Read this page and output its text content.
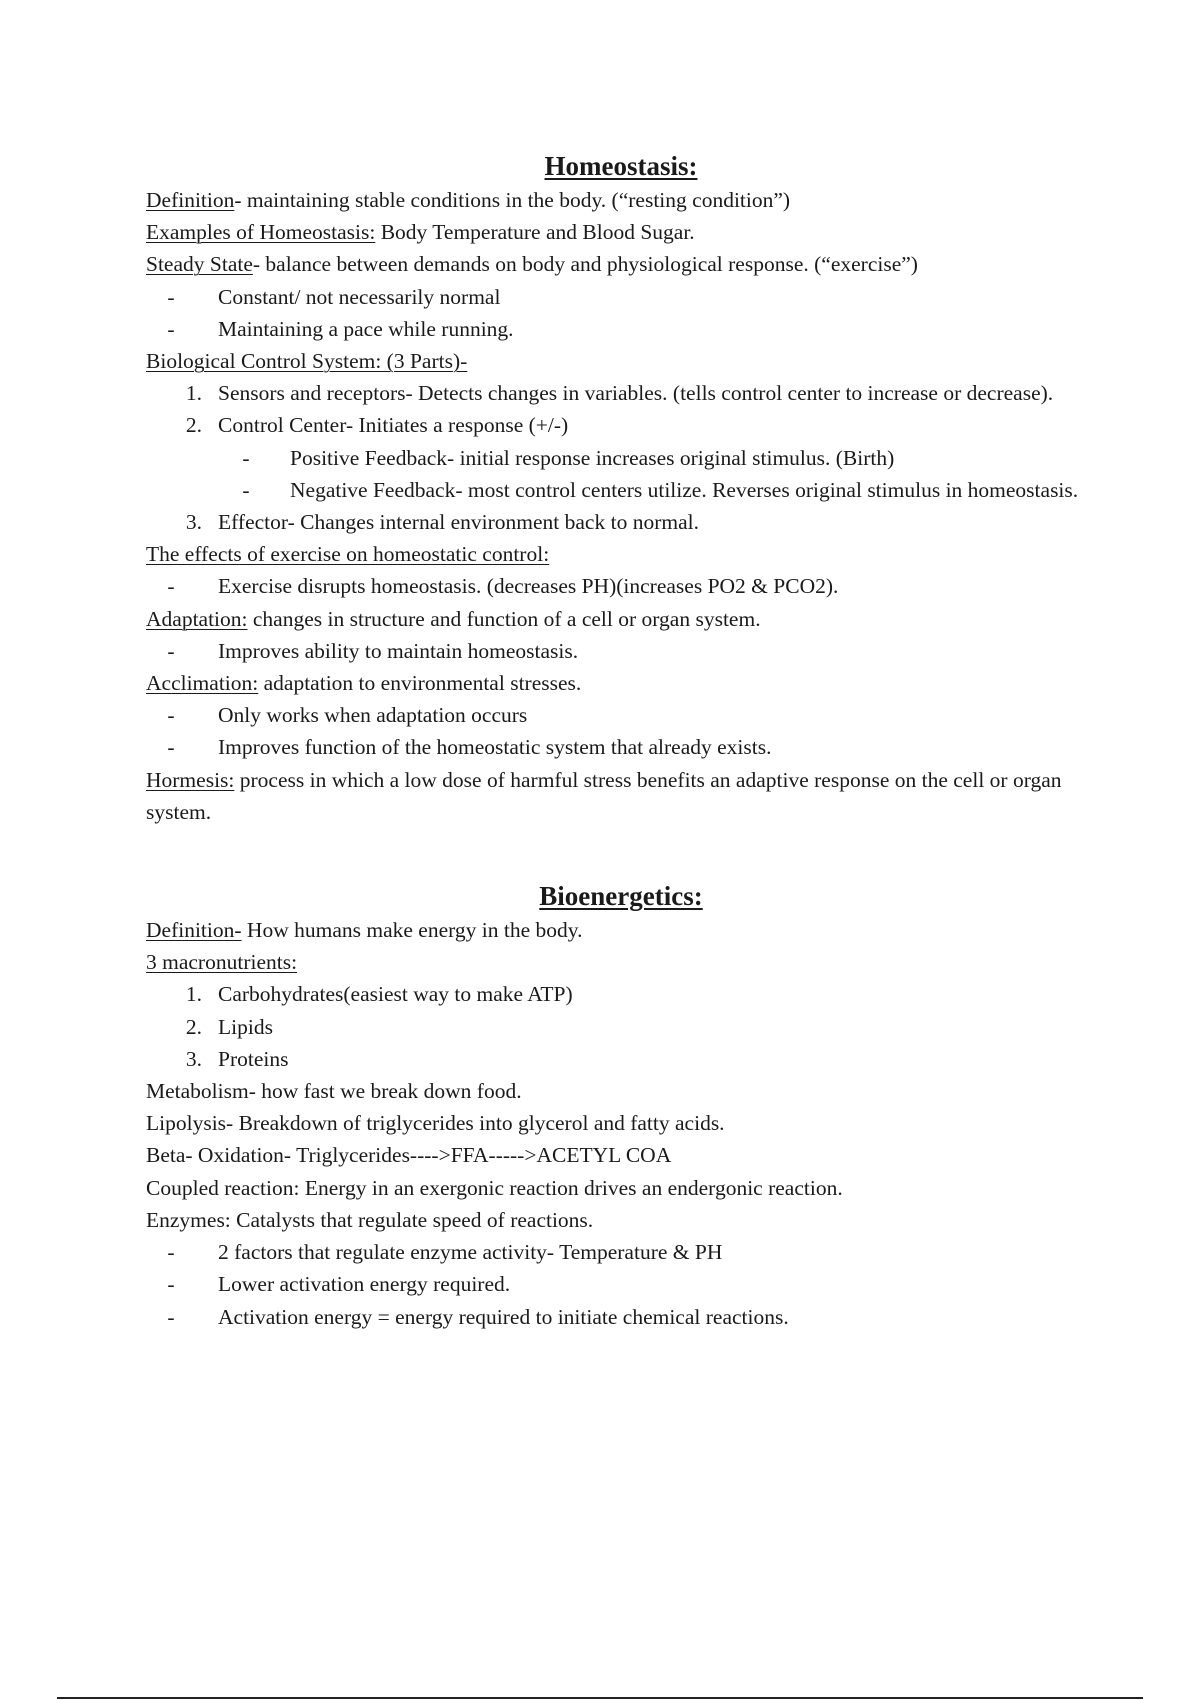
Homeostasis:

Definition- maintaining stable conditions in the body. (“resting condition”)

Examples of Homeostasis: Body Temperature and Blood Sugar.

Steady State- balance between demands on body and physiological response. (“exercise”)

-	Constant/ not necessarily normal

-	Maintaining a pace while running.

Biological Control System: (3 Parts)-

1. Sensors and receptors- Detects changes in variables. (tells control center to increase or decrease).

2. Control Center- Initiates a response (+/-)

-	Positive Feedback- initial response increases original stimulus. (Birth)

-	Negative Feedback- most control centers utilize. Reverses original stimulus in homeostasis.

3. Effector- Changes internal environment back to normal.

The effects of exercise on homeostatic control:

-	Exercise disrupts homeostasis. (decreases PH)(increases PO2 & PCO2).

Adaptation: changes in structure and function of a cell or organ system.

-	Improves ability to maintain homeostasis.

Acclimation: adaptation to environmental stresses.

-	Only works when adaptation occurs

-	Improves function of the homeostatic system that already exists.

Hormesis: process in which a low dose of harmful stress benefits an adaptive response on the cell or organ system.

Bioenergetics:

Definition- How humans make energy in the body.

3 macronutrients:

1. Carbohydrates(easiest way to make ATP)

2. Lipids

3. Proteins

Metabolism- how fast we break down food.

Lipolysis- Breakdown of triglycerides into glycerol and fatty acids.

Beta- Oxidation- Triglycerides---->FFA----->ACETYL COA

Coupled reaction: Energy in an exergonic reaction drives an endergonic reaction.

Enzymes: Catalysts that regulate speed of reactions.

-	2 factors that regulate enzyme activity- Temperature & PH

-	Lower activation energy required.

-	Activation energy = energy required to initiate chemical reactions.
